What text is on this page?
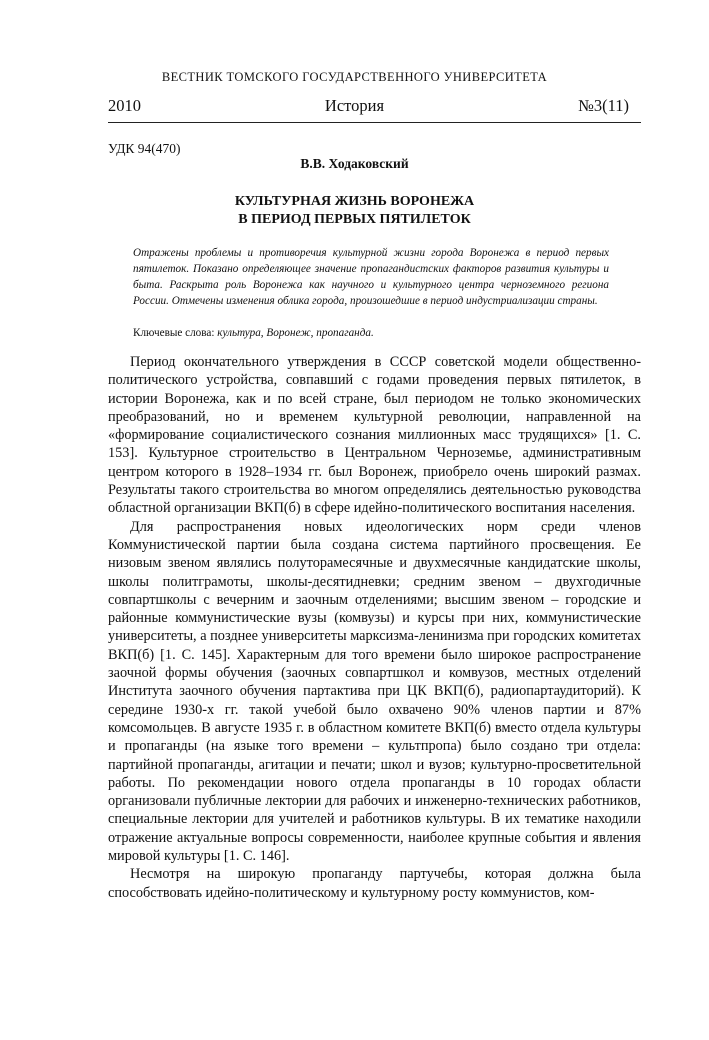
ВЕСТНИК ТОМСКОГО ГОСУДАРСТВЕННОГО УНИВЕРСИТЕТА
2010	История	№3(11)
УДК 94(470)
В.В. Ходаковский
КУЛЬТУРНАЯ ЖИЗНЬ ВОРОНЕЖА
В ПЕРИОД ПЕРВЫХ ПЯТИЛЕТОК
Отражены проблемы и противоречия культурной жизни города Воронежа в период первых пятилеток. Показано определяющее значение пропагандистских факторов развития культуры и быта. Раскрыта роль Воронежа как научного и культурного центра черноземного региона России. Отмечены изменения облика города, произошедшие в период индустриализации страны.
Ключевые слова: культура, Воронеж, пропаганда.

Период окончательного утверждения в СССР советской модели общественно-политического устройства, совпавший с годами проведения первых пятилеток, в истории Воронежа, как и по всей стране, был периодом не только экономических преобразований, но и временем культурной революции, направленной на «формирование социалистического сознания миллионных масс трудящихся» [1. С. 153]. Культурное строительство в Центральном Черноземье, административным центром которого в 1928–1934 гг. был Воронеж, приобрело очень широкий размах. Результаты такого строительства во многом определялись деятельностью руководства областной организации ВКП(б) в сфере идейно-политического воспитания населения.

Для распространения новых идеологических норм среди членов Коммунистической партии была создана система партийного просвещения. Ее низовым звеном являлись полуторамесячные и двухмесячные кандидатские школы, школы политграмоты, школы-десятидневки; средним звеном – двухгодичные совпартшколы с вечерним и заочным отделениями; высшим звеном – городские и районные коммунистические вузы (комвузы) и курсы при них, коммунистические университеты, а позднее университеты марксизма-ленинизма при городских комитетах ВКП(б) [1. С. 145]. Характерным для того времени было широкое распространение заочной формы обучения (заочных совпартшкол и комвузов, местных отделений Института заочного обучения партактива при ЦК ВКП(б), радиопартаудиторий). К середине 1930-х гг. такой учебой было охвачено 90% членов партии и 87% комсомольцев. В августе 1935 г. в областном комитете ВКП(б) вместо отдела культуры и пропаганды (на языке того времени – культпропа) было создано три отдела: партийной пропаганды, агитации и печати; школ и вузов; культурно-просветительной работы. По рекомендации нового отдела пропаганды в 10 городах области организовали публичные лектории для рабочих и инженерно-технических работников, специальные лектории для учителей и работников культуры. В их тематике находили отражение актуальные вопросы современности, наиболее крупные события и явления мировой культуры [1. С. 146].

Несмотря на широкую пропаганду партучебы, которая должна была способствовать идейно-политическому и культурному росту коммунистов, ком-
